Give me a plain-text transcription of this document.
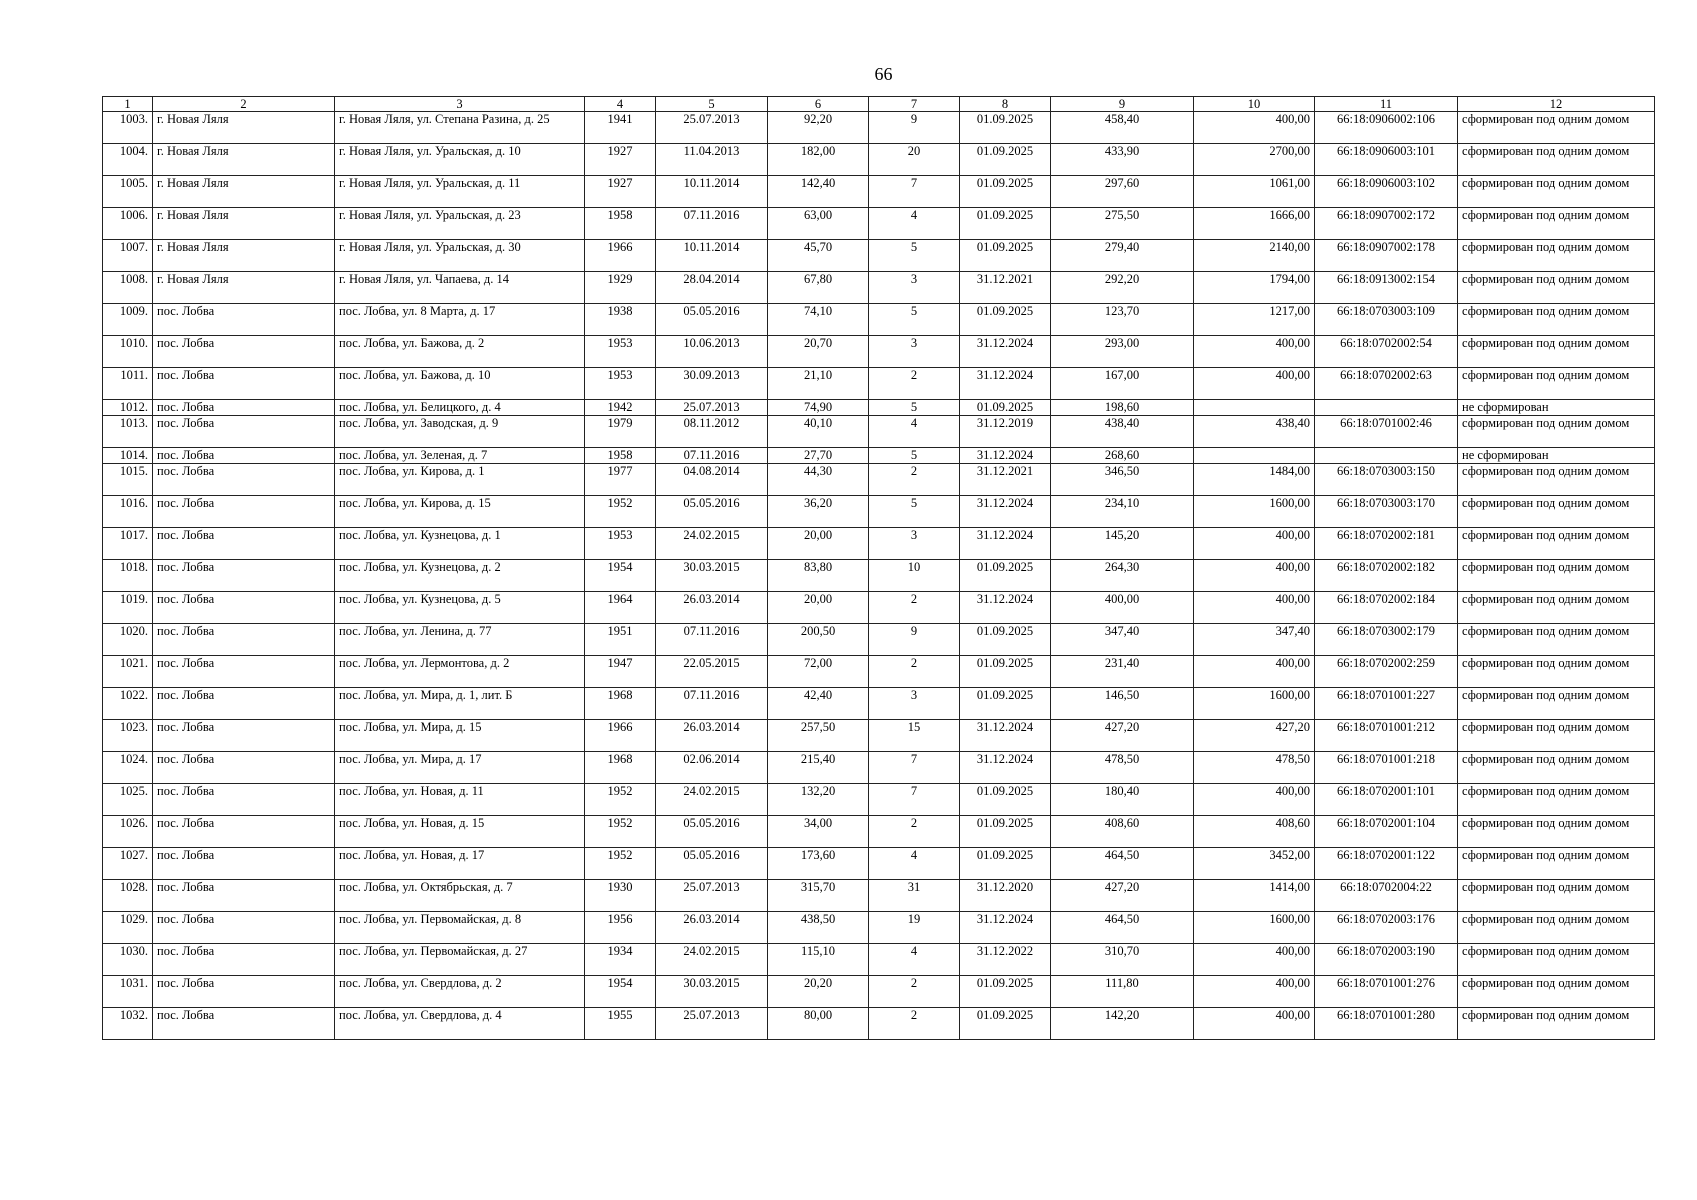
66
1	2	3	4	5	6	7	8	9	10	11	12
1003.	г. Новая Ляля	г. Новая Ляля, ул. Степана Разина, д. 25	1941	25.07.2013	92,20	9	01.09.2025	458,40	400,00	66:18:0906002:106	сформирован под одним домом
1004.	г. Новая Ляля	г. Новая Ляля, ул. Уральская, д. 10	1927	11.04.2013	182,00	20	01.09.2025	433,90	2700,00	66:18:0906003:101	сформирован под одним домом
1005.	г. Новая Ляля	г. Новая Ляля, ул. Уральская, д. 11	1927	10.11.2014	142,40	7	01.09.2025	297,60	1061,00	66:18:0906003:102	сформирован под одним домом
1006.	г. Новая Ляля	г. Новая Ляля, ул. Уральская, д. 23	1958	07.11.2016	63,00	4	01.09.2025	275,50	1666,00	66:18:0907002:172	сформирован под одним домом
1007.	г. Новая Ляля	г. Новая Ляля, ул. Уральская, д. 30	1966	10.11.2014	45,70	5	01.09.2025	279,40	2140,00	66:18:0907002:178	сформирован под одним домом
1008.	г. Новая Ляля	г. Новая Ляля, ул. Чапаева, д. 14	1929	28.04.2014	67,80	3	31.12.2021	292,20	1794,00	66:18:0913002:154	сформирован под одним домом
1009.	пос. Лобва	пос. Лобва, ул. 8 Марта, д. 17	1938	05.05.2016	74,10	5	01.09.2025	123,70	1217,00	66:18:0703003:109	сформирован под одним домом
1010.	пос. Лобва	пос. Лобва, ул. Бажова, д. 2	1953	10.06.2013	20,70	3	31.12.2024	293,00	400,00	66:18:0702002:54	сформирован под одним домом
1011.	пос. Лобва	пос. Лобва, ул. Бажова, д. 10	1953	30.09.2013	21,10	2	31.12.2024	167,00	400,00	66:18:0702002:63	сформирован под одним домом
1012.	пос. Лобва	пос. Лобва, ул. Белицкого, д. 4	1942	25.07.2013	74,90	5	01.09.2025	198,60			не сформирован
1013.	пос. Лобва	пос. Лобва, ул. Заводская, д. 9	1979	08.11.2012	40,10	4	31.12.2019	438,40	438,40	66:18:0701002:46	сформирован под одним домом
1014.	пос. Лобва	пос. Лобва, ул. Зеленая, д. 7	1958	07.11.2016	27,70	5	31.12.2024	268,60			не сформирован
1015.	пос. Лобва	пос. Лобва, ул. Кирова, д. 1	1977	04.08.2014	44,30	2	31.12.2021	346,50	1484,00	66:18:0703003:150	сформирован под одним домом
1016.	пос. Лобва	пос. Лобва, ул. Кирова, д. 15	1952	05.05.2016	36,20	5	31.12.2024	234,10	1600,00	66:18:0703003:170	сформирован под одним домом
1017.	пос. Лобва	пос. Лобва, ул. Кузнецова, д. 1	1953	24.02.2015	20,00	3	31.12.2024	145,20	400,00	66:18:0702002:181	сформирован под одним домом
1018.	пос. Лобва	пос. Лобва, ул. Кузнецова, д. 2	1954	30.03.2015	83,80	10	01.09.2025	264,30	400,00	66:18:0702002:182	сформирован под одним домом
1019.	пос. Лобва	пос. Лобва, ул. Кузнецова, д. 5	1964	26.03.2014	20,00	2	31.12.2024	400,00	400,00	66:18:0702002:184	сформирован под одним домом
1020.	пос. Лобва	пос. Лобва, ул. Ленина, д. 77	1951	07.11.2016	200,50	9	01.09.2025	347,40	347,40	66:18:0703002:179	сформирован под одним домом
1021.	пос. Лобва	пос. Лобва, ул. Лермонтова, д. 2	1947	22.05.2015	72,00	2	01.09.2025	231,40	400,00	66:18:0702002:259	сформирован под одним домом
1022.	пос. Лобва	пос. Лобва, ул. Мира, д. 1, лит. Б	1968	07.11.2016	42,40	3	01.09.2025	146,50	1600,00	66:18:0701001:227	сформирован под одним домом
1023.	пос. Лобва	пос. Лобва, ул. Мира, д. 15	1966	26.03.2014	257,50	15	31.12.2024	427,20	427,20	66:18:0701001:212	сформирован под одним домом
1024.	пос. Лобва	пос. Лобва, ул. Мира, д. 17	1968	02.06.2014	215,40	7	31.12.2024	478,50	478,50	66:18:0701001:218	сформирован под одним домом
1025.	пос. Лобва	пос. Лобва, ул. Новая, д. 11	1952	24.02.2015	132,20	7	01.09.2025	180,40	400,00	66:18:0702001:101	сформирован под одним домом
1026.	пос. Лобва	пос. Лобва, ул. Новая, д. 15	1952	05.05.2016	34,00	2	01.09.2025	408,60	408,60	66:18:0702001:104	сформирован под одним домом
1027.	пос. Лобва	пос. Лобва, ул. Новая, д. 17	1952	05.05.2016	173,60	4	01.09.2025	464,50	3452,00	66:18:0702001:122	сформирован под одним домом
1028.	пос. Лобва	пос. Лобва, ул. Октябрьская, д. 7	1930	25.07.2013	315,70	31	31.12.2020	427,20	1414,00	66:18:0702004:22	сформирован под одним домом
1029.	пос. Лобва	пос. Лобва, ул. Первомайская, д. 8	1956	26.03.2014	438,50	19	31.12.2024	464,50	1600,00	66:18:0702003:176	сформирован под одним домом
1030.	пос. Лобва	пос. Лобва, ул. Первомайская, д. 27	1934	24.02.2015	115,10	4	31.12.2022	310,70	400,00	66:18:0702003:190	сформирован под одним домом
1031.	пос. Лобва	пос. Лобва, ул. Свердлова, д. 2	1954	30.03.2015	20,20	2	01.09.2025	111,80	400,00	66:18:0701001:276	сформирован под одним домом
1032.	пос. Лобва	пос. Лобва, ул. Свердлова, д. 4	1955	25.07.2013	80,00	2	01.09.2025	142,20	400,00	66:18:0701001:280	сформирован под одним домом
